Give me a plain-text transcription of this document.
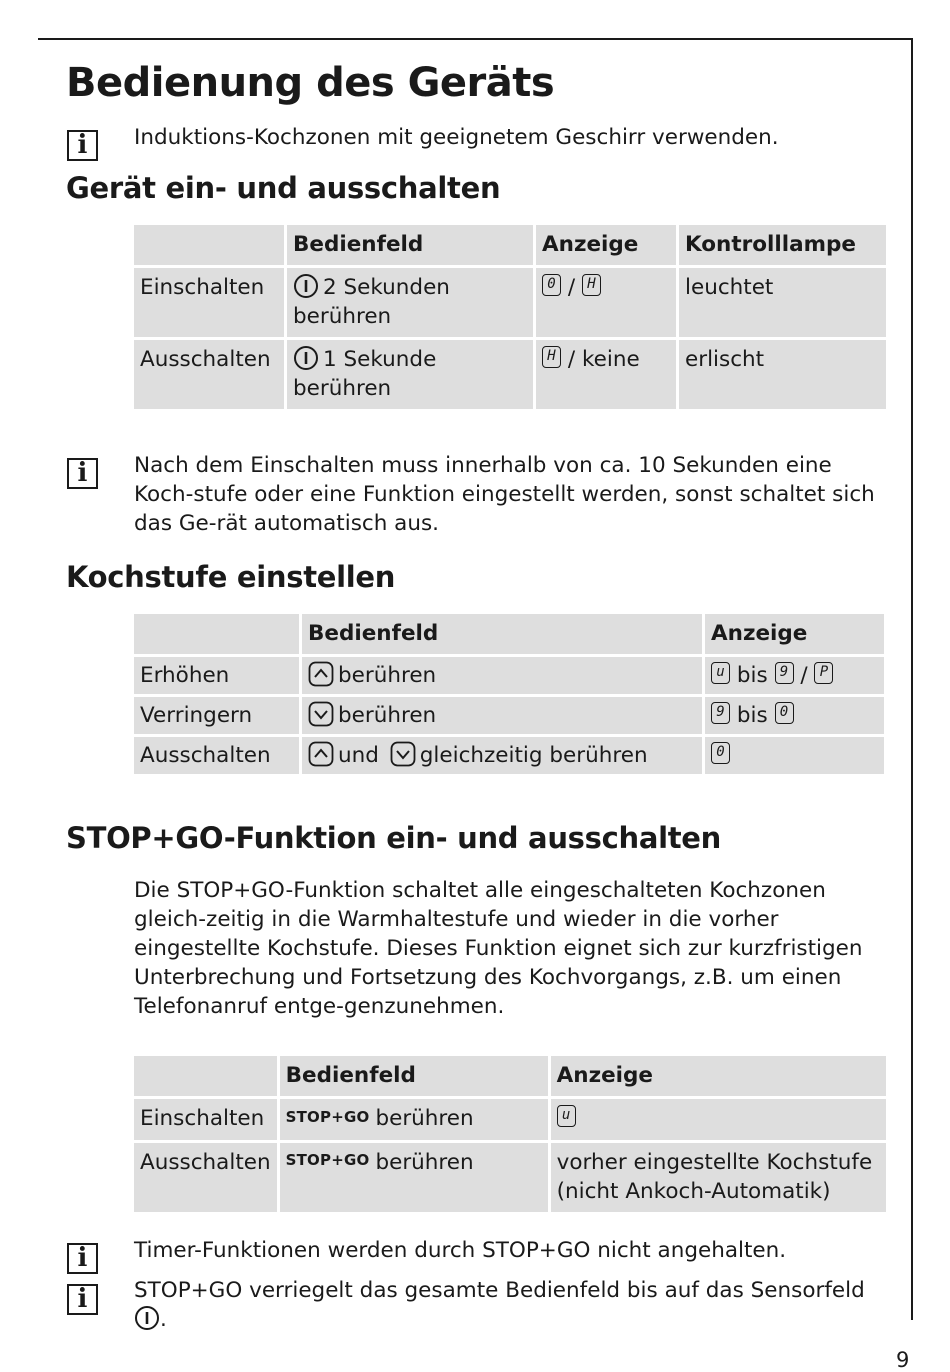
Bedienung des Geräts
i	Induktions-Kochzonen mit geeignetem Geschirr verwenden.
Gerät ein- und ausschalten
	Bedienfeld	Anzeige	Kontrolllampe
Einschalten	2 Sekunden berühren	0 / H	leuchtet
Ausschalten	1 Sekunde berühren	H / keine	erlischt
i	Nach dem Einschalten muss innerhalb von ca. 10 Sekunden eine Koch-stufe oder eine Funktion eingestellt werden, sonst schaltet sich das Ge-rät automatisch aus.
Kochstufe einstellen
	Bedienfeld	Anzeige
Erhöhen	berühren	u bis 9 / P
Verringern	berühren	9 bis 0
Ausschalten	und gleichzeitig berühren	0
STOP+GO-Funktion ein- und ausschalten
Die STOP+GO-Funktion schaltet alle eingeschalteten Kochzonen gleich-zeitig in die Warmhaltestufe und wieder in die vorher eingestellte Kochstufe. Dieses Funktion eignet sich zur kurzfristigen Unterbrechung und Fortsetzung des Kochvorgangs, z.B. um einen Telefonanruf entge-genzunehmen.
	Bedienfeld	Anzeige
Einschalten	STOP+GO berühren	u
Ausschalten	STOP+GO berühren	vorher eingestellte Kochstufe (nicht Ankoch-Automatik)
i	Timer-Funktionen werden durch STOP+GO nicht angehalten.
i	STOP+GO verriegelt das gesamte Bedienfeld bis auf das Sensorfeld .
9
